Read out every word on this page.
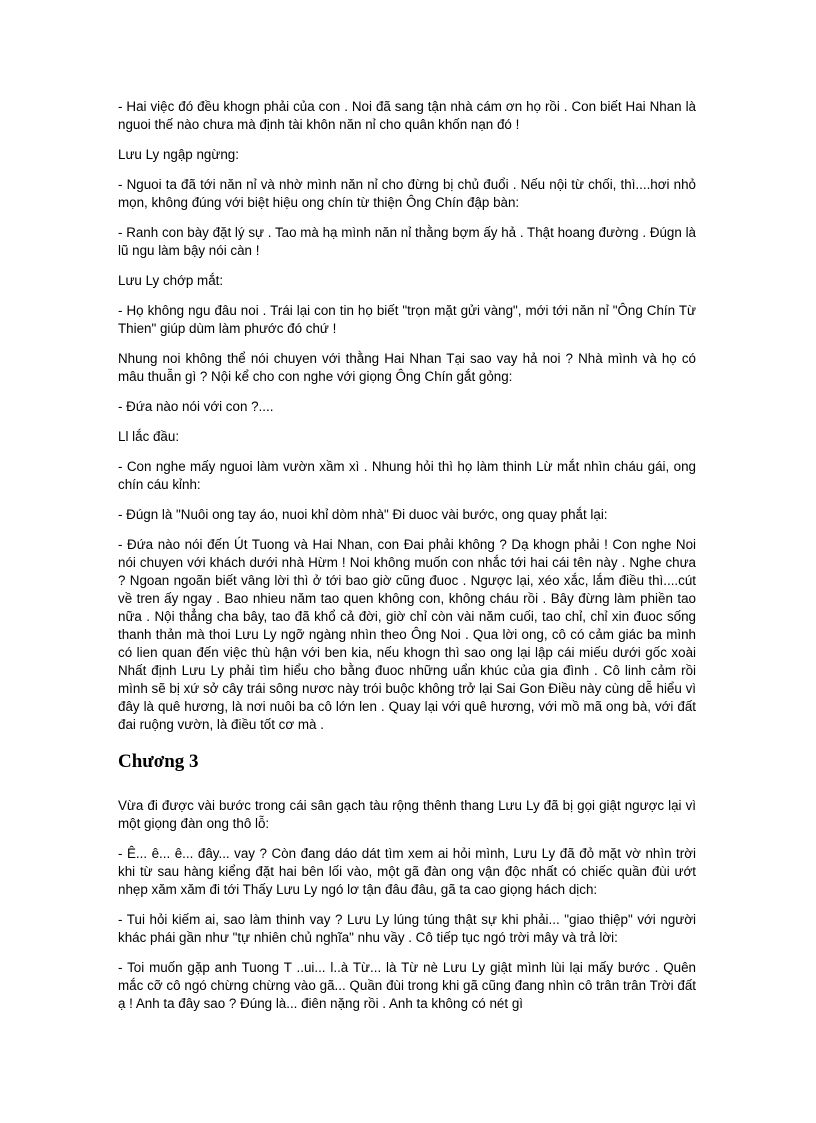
- Hai việc đó đều khogn phải của con . Noi đã sang tận nhà cám ơn họ rồi . Con biết Hai Nhan là nguoi thế nào chưa mà định tài khôn năn nỉ cho quân khốn nạn đó !

Lưu Ly ngập ngừng:

- Nguoi ta đã tới năn nỉ và nhờ mình năn nỉ cho đừng bị chủ đuổi . Nếu nội từ chối, thì....hơi nhỏ mọn, không đúng với biệt hiệu ong chín từ thiện Ông Chín đập bàn:

- Ranh con bày đặt lý sự . Tao mà hạ mình năn nỉ thằng bợm ấy hả . Thật hoang đường . Đúgn là lũ ngu làm bậy nói càn !

Lưu Ly chớp mắt:

- Họ không ngu đâu noi . Trái lại con tin họ biết "trọn mặt gửi vàng", mới tới năn nỉ "Ông Chín Từ Thien" giúp dùm làm phước đó chứ !

Nhung noi không thể nói chuyen với thằng Hai Nhan Tại sao vay hả noi ? Nhà mình và họ có mâu thuẫn gì ? Nội kể cho con nghe với giọng Ông Chín gắt gỏng:

- Đứa nào nói với con ?....

Ll lắc đầu:

- Con nghe mấy nguoi làm vườn xầm xì . Nhung hỏi thì họ làm thinh Lừ mắt nhìn cháu gái, ong chín cáu kỉnh:

- Đúgn là "Nuôi ong tay áo, nuoi khỉ dòm nhà" Đi duoc vài bước, ong quay phắt lại:

- Đứa nào nói đến Út Tuong và Hai Nhan, con Đai phải không ? Dạ khogn phải ! Con nghe Noi nói chuyen với khách dưới nhà Hừm ! Noi không muốn con nhắc tới hai cái tên này . Nghe chưa ? Ngoan ngoãn biết vâng lời thì ở tới bao giờ cũng đuoc . Ngược lại, xéo xắc, lắm điều thì....cút về tren ấy ngay . Bao nhieu năm tao quen không con, không cháu rồi . Bây đừng làm phiền tao nữa . Nội thẳng cha bây, tao đã khổ cả đời, giờ chỉ còn vài năm cuối, tao chỉ, chỉ xin đuoc sống thanh thản mà thoi Lưu Ly ngỡ ngàng nhìn theo Ông Noi . Qua lời ong, cô có cảm giác ba mình có lien quan đến việc thù hận với ben kia, nếu khogn thì sao ong lại lập cái miếu dưới gốc xoài Nhất định Lưu Ly phải tìm hiểu cho bằng đuoc những uẩn khúc của gia đình . Cô linh cảm rồi mình sẽ bị xứ sở cây trái sông nươc này trói buộc không trở lại Sai Gon Điều này cùng dễ hiểu vì đây là quê hương, là nơi nuôi ba cô lớn len . Quay lại với quê hương, với mồ mã ong bà, với đất đai ruộng vườn, là điều tốt cơ mà .

Chương 3

Vừa đi được vài bước trong cái sân gạch tàu rộng thênh thang Lưu Ly đã bị gọi giật ngược lại vì một giọng đàn ong thô lỗ:

- Ê... ê... ê... đây... vay ? Còn đang dáo dát tìm xem ai hỏi mình, Lưu Ly đã đỏ mặt vờ nhìn trời khi từ sau hàng kiểng đặt hai bên lối vào, một gã đàn ong vận độc nhất có chiếc quần đùi ướt nhẹp xăm xăm đi tới Thấy Lưu Ly ngó lơ tận đâu đâu, gã ta cao giọng hách dịch:

- Tui hỏi kiếm ai, sao làm thinh vay ? Lưu Ly lúng túng thật sự khi phải... "giao thiệp" với người khác phái gần như "tự nhiên chủ nghĩa" nhu vầy . Cô tiếp tục ngó trời mây và trả lời:

- Toi muốn gặp anh Tuong T ..ui... l..à Từ... là Từ nè Lưu Ly giật mình lùi lại mấy bước . Quên mắc cỡ cô ngó chừng chừng vào gã... Quần đùi trong khi gã cũng đang nhìn cô trân trân Trời đất ạ ! Anh ta đây sao ? Đúng là... điên nặng rồi . Anh ta không có nét gì
